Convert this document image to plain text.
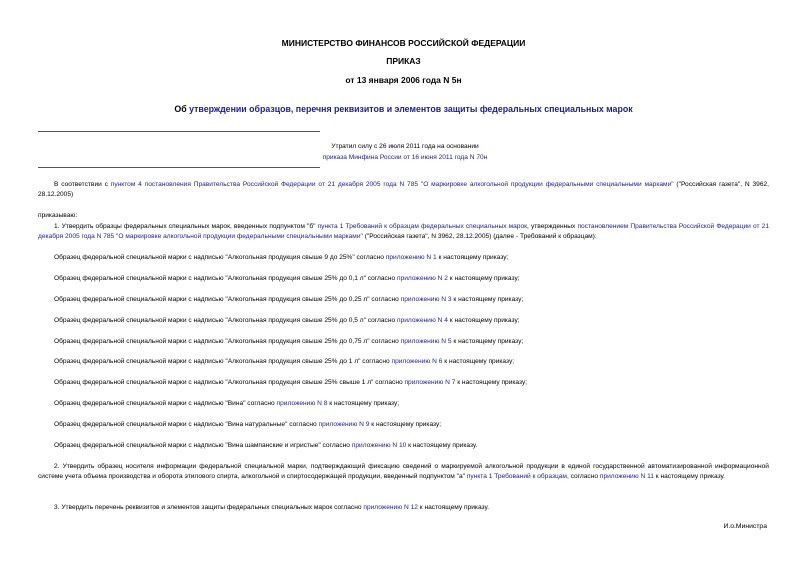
МИНИСТЕРСТВО ФИНАНСОВ РОССИЙСКОЙ ФЕДЕРАЦИИ
ПРИКАЗ
от 13 января 2006 года N 5н
Об утверждении образцов, перечня реквизитов и элементов защиты федеральных специальных марок
Утратил силу с 26 июля 2011 года на основании
приказа Минфина России от 16 июня 2011 года N 70н
В соответствии с пунктом 4 постановления Правительства Российской Федерации от 21 декабря 2005 года N 785 "О маркировке алкогольной продукции федеральными специальными марками" ("Российская газета", N 3962, 28.12.2005)
приказываю:
1. Утвердить образцы федеральных специальных марок, введенных подпунктом "б" пункта 1 Требований к образцам федеральных специальных марок, утвержденных постановлением Правительства Российской Федерации от 21 декабря 2005 года N 785 "О маркировке алкогольной продукции федеральными специальными марками" ("Российская газета", N 3962, 28.12.2005) (далее - Требований к образцам):
Образец федеральной специальной марки с надписью "Алкогольная продукция свыше 9 до 25%" согласно приложению N 1 к настоящему приказу;
Образец федеральной специальной марки с надписью "Алкогольная продукция свыше 25% до 0,1 л" согласно приложению N 2 к настоящему приказу;
Образец федеральной специальной марки с надписью "Алкогольная продукция свыше 25% до 0,25 л" согласно приложению N 3 к настоящему приказу;
Образец федеральной специальной марки с надписью "Алкогольная продукция свыше 25% до 0,5 л" согласно приложению N 4 к настоящему приказу;
Образец федеральной специальной марки с надписью "Алкогольная продукция свыше 25% до 0,75 л" согласно приложению N 5 к настоящему приказу;
Образец федеральной специальной марки с надписью "Алкогольная продукция свыше 25% до 1 л" согласно приложению N 6 к настоящему приказу;
Образец федеральной специальной марки с надписью "Алкогольная продукция свыше 25% свыше 1 л" согласно приложению N 7 к настоящему приказу;
Образец федеральной специальной марки с надписью "Вина" согласно приложению N 8 к настоящему приказу;
Образец федеральной специальной марки с надписью "Вина натуральные" согласно приложению N 9 к настоящему приказу;
Образец федеральной специальной марки с надписью "Вина шампанские и игристые" согласно приложению N 10 к настоящему приказу.
2. Утвердить образец носителя информации федеральной специальной марки, подтверждающий фиксацию сведений о маркируемой алкогольной продукции в единой государственной автоматизированной информационной системе учета объема производства и оборота этилового спирта, алкогольной и спиртосодержащей продукции, введенный подпунктом "а" пункта 1 Требований к образцам, согласно приложению N 11 к настоящему приказу.
3. Утвердить перечень реквизитов и элементов защиты федеральных специальных марок согласно приложению N 12 к настоящему приказу.
И.о.Министра
